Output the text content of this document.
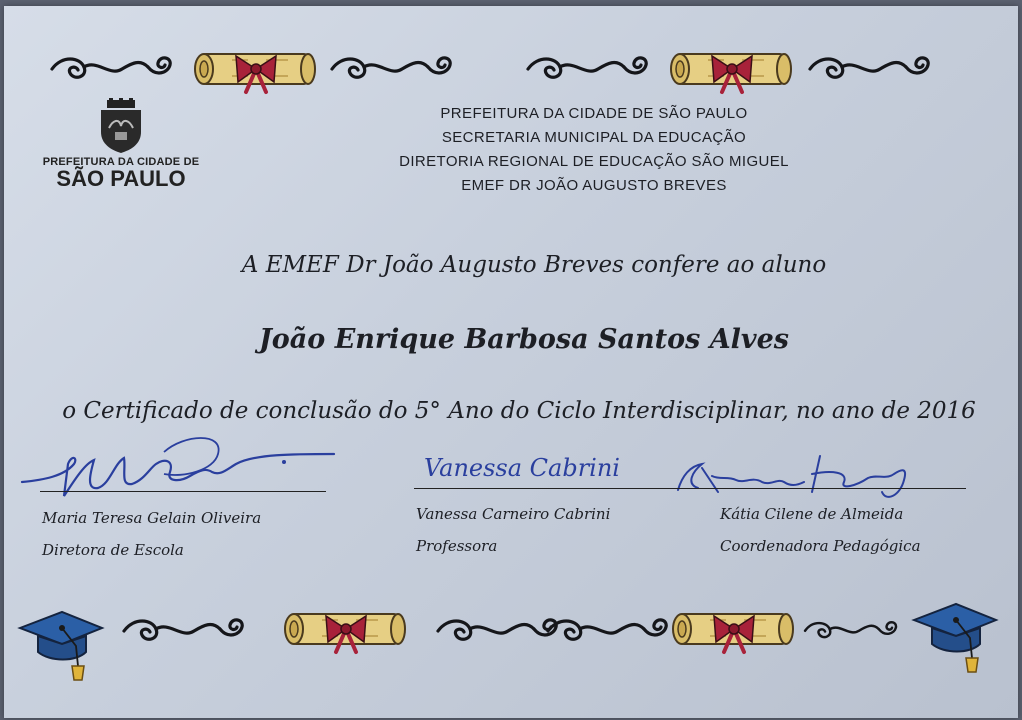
PREFEITURA DA CIDADE DE
SÃO PAULO
PREFEITURA DA CIDADE DE SÃO PAULO
SECRETARIA MUNICIPAL DA EDUCAÇÃO
DIRETORIA REGIONAL DE EDUCAÇÃO SÃO MIGUEL
EMEF DR JOÃO AUGUSTO BREVES
A EMEF Dr João Augusto Breves confere ao aluno
João Enrique Barbosa Santos Alves
o Certificado de conclusão do 5° Ano do Ciclo Interdisciplinar, no ano de 2016
Vanessa Cabrini
Maria Teresa Gelain Oliveira
Diretora de Escola
Vanessa Carneiro Cabrini
Professora
Kátia Cilene de Almeida
Coordenadora Pedagógica
